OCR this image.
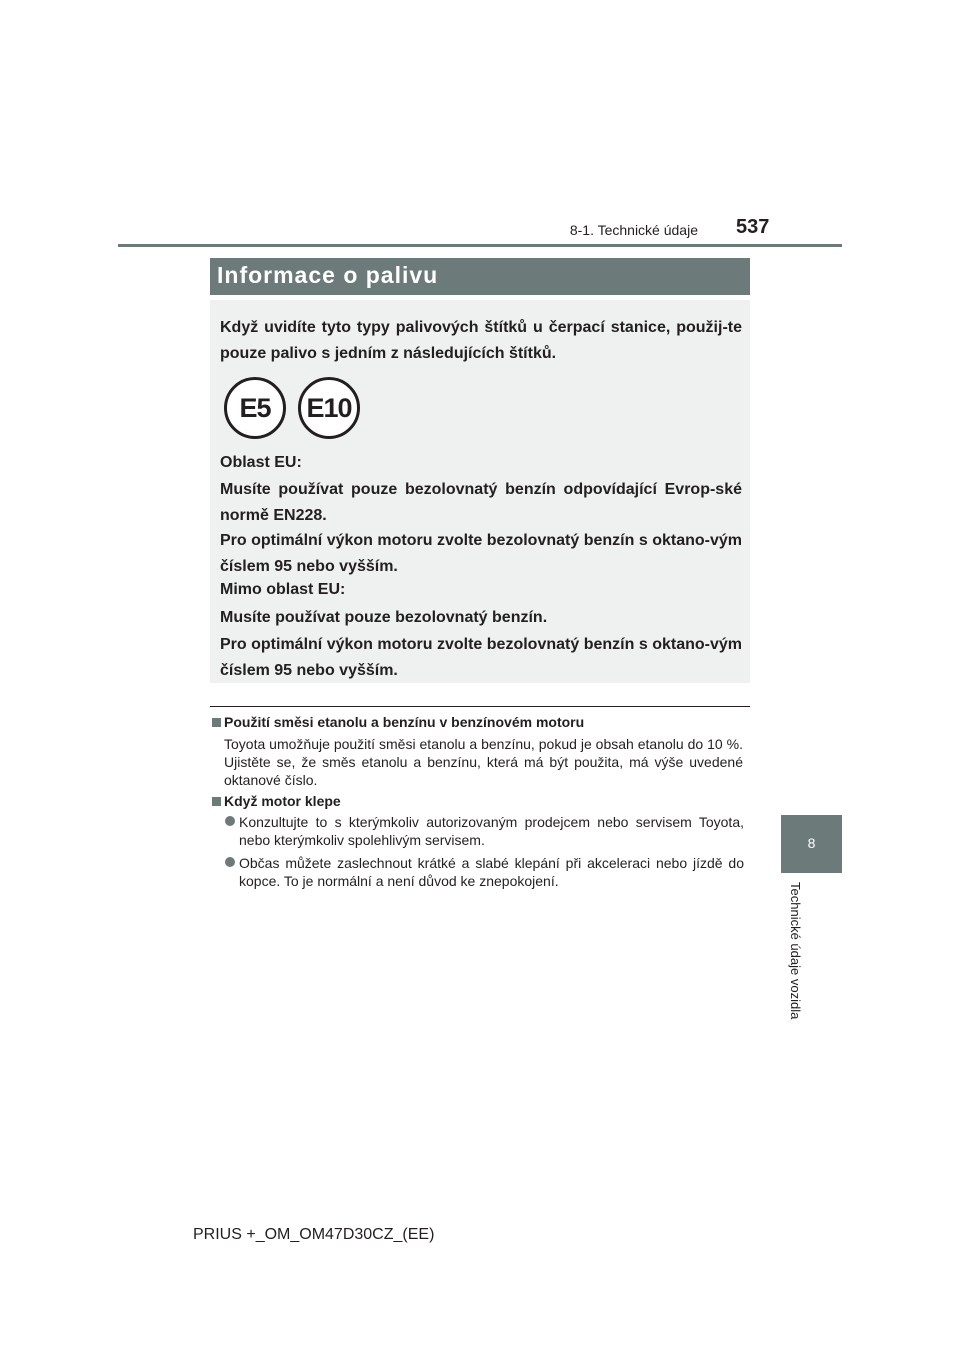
8-1. Technické údaje 537
Informace o palivu
Když uvidíte tyto typy palivových štítků u čerpací stanice, použij-te pouze palivo s jedním z následujících štítků.
Oblast EU:
Musíte používat pouze bezolovnatý benzín odpovídající Evrop-ské normě EN228.
Pro optimální výkon motoru zvolte bezolovnatý benzín s oktano-vým číslem 95 nebo vyšším.
Mimo oblast EU:
Musíte používat pouze bezolovnatý benzín.
Pro optimální výkon motoru zvolte bezolovnatý benzín s oktano-vým číslem 95 nebo vyšším.
E5	E10
Použití směsi etanolu a benzínu v benzínovém motoru
Toyota umožňuje použití směsi etanolu a benzínu, pokud je obsah etanolu do 10 %. Ujistěte se, že směs etanolu a benzínu, která má být použita, má výše uvedené oktanové číslo.
Když motor klepe
Konzultujte to s kterýmkoliv autorizovaným prodejcem nebo servisem Toyota, nebo kterýmkoliv spolehlivým servisem.
Občas můžete zaslechnout krátké a slabé klepání při akceleraci nebo jízdě do kopce. To je normální a není důvod ke znepokojení.
8
Technické údaje vozidla
PRIUS +_OM_OM47D30CZ_(EE)
